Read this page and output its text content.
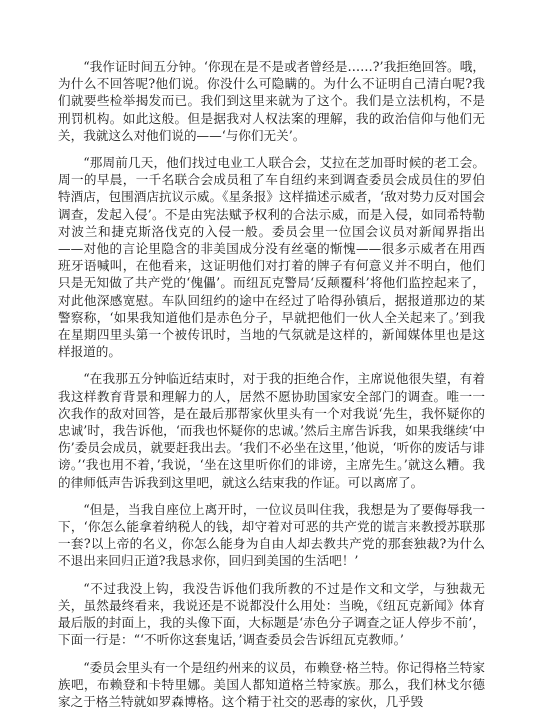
“我作证时间五分钟。‘你现在是不是或者曾经是……?’我拒绝回答。哦，为什么不回答呢?他们说。你没什么可隐瞒的。为什么不证明自己清白呢?我们就要些检举揭发而已。我们到这里来就为了这个。我们是立法机构，不是刑罚机构。如此这般。但是据我对人权法案的理解，我的政治信仰与他们无关，我就这么对他们说的——‘与你们无关’。

“那周前几天，他们找过电业工人联合会，艾拉在芝加哥时候的老工会。周一的早晨，一千名联合会成员租了车自纽约来到调查委员会成员住的罗伯特酒店，包围酒店抗议示威。《星条报》这样描述示威者，‘敌对势力反对国会调查，发起入侵’。不是由宪法赋予权利的合法示威，而是入侵，如同希特勒对波兰和捷克斯洛伐克的入侵一般。委员会里一位国会议员对新闻界指出——对他的言论里隐含的非美国成分没有丝毫的惭愧——很多示威者在用西班牙语喊叫，在他看来，这证明他们对打着的牌子有何意义并不明白，他们只是无知做了共产党的‘傀儡’。而纽瓦克警局‘反颠覆科’将他们监控起来了，对此他深感宽慰。车队回纽约的途中在经过了哈得孙镇后，据报道那边的某警察称，‘如果我知道他们是赤色分子，早就把他们一伙人全关起来了。’到我在星期四里头第一个被传讯时，当地的气氛就是这样的，新闻媒体里也是这样报道的。

“在我那五分钟临近结束时，对于我的拒绝合作，主席说他很失望，有着我这样教育背景和理解力的人，居然不愿协助国家安全部门的调查。唯一一次我作的敌对回答，是在最后那帮家伙里头有一个对我说‘先生，我怀疑你的忠诚’时，我告诉他，‘而我也怀疑你的忠诚。’然后主席告诉我，如果我继续‘中伤’委员会成员，就要赶我出去。‘我们不必坐在这里，’他说，‘听你的废话与诽谤。’‘我也用不着，’我说，‘坐在这里听你们的诽谤，主席先生。’就这么糟。我的律师低声告诉我到这里吧，就这么结束我的作证。可以离席了。

“但是，当我自座位上离开时，一位议员叫住我，我想是为了要侮辱我一下，‘你怎么能拿着纳税人的钱，却守着对可恶的共产党的谎言来教授苏联那一套?以上帝的名义，你怎么能身为自由人却去教共产党的那套独裁?为什么不退出来回归正道?我恳求你，回归到美国的生活吧！’

“不过我没上钩，我没告诉他们我所教的不过是作文和文学，与独裁无关，虽然最终看来，我说还是不说都没什么用处：当晚，《纽瓦克新闻》体育最后版的封面上，我的头像下面，大标题是‘赤色分子调查之证人停步不前’，下面一行是：“‘不听你这套鬼话，’调查委员会告诉纽瓦克教师。’

“委员会里头有一个是纽约州来的议员，布赖登·格兰特。你记得格兰特家族吧，布赖登和卡特里娜。美国人都知道格兰特家族。那么，我们林戈尔德家之于格兰特就如罗森博格。这个精于社交的恶毒的家伙，几乎毁
